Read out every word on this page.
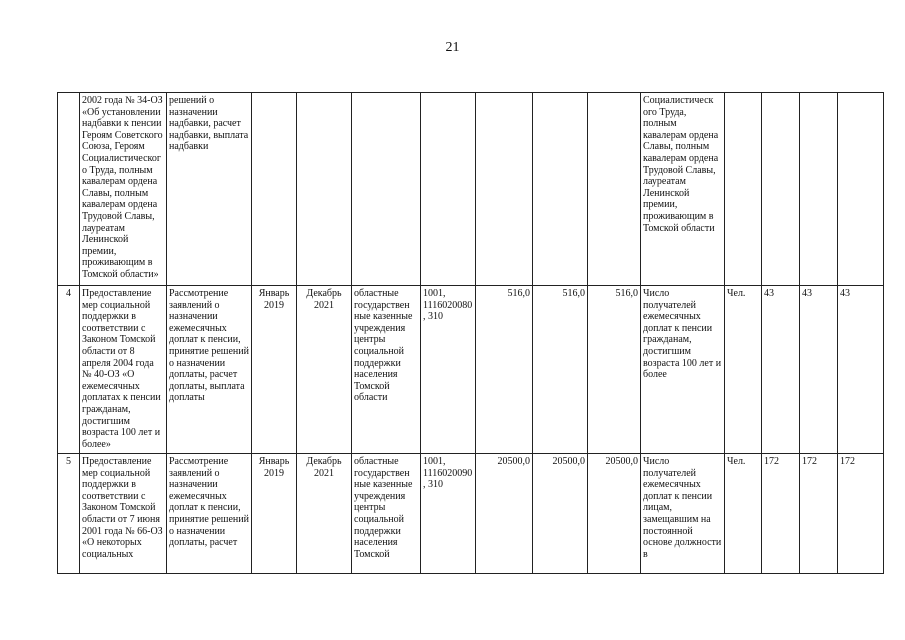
21
	2002 года № 34-ОЗ «Об установлении надбавки к пенсии Героям Советского Союза, Героям Социалистического Труда, полным кавалерам ордена Славы, полным кавалерам ордена Трудовой Славы, лауреатам Ленинской премии, проживающим в Томской области»	решений о назначении надбавки, расчет надбавки, выплата надбавки								Социалистическ ого Труда, полным кавалерам ордена Славы, полным кавалерам ордена Трудовой Славы, лауреатам Ленинской премии, проживающим в Томской области				
4	Предоставление мер социальной поддержки в соответствии с Законом Томской области от 8 апреля 2004 года № 40-ОЗ «О ежемесячных доплатах к пенсии гражданам, достигшим возраста 100 лет и более»	Рассмотрение заявлений о назначении ежемесячных доплат к пенсии, принятие решений о назначении доплаты, расчет доплаты, выплата доплаты	Январь 2019	Декабрь 2021	областные государствен ные казенные учреждения центры социальной поддержки населения Томской области	1001, 1116020080, 310	516,0	516,0	516,0	Число получателей ежемесячных доплат к пенсии гражданам, достигшим возраста 100 лет и более	Чел.	43	43	43
5	Предоставление мер социальной поддержки в соответствии с Законом Томской области от 7 июня 2001 года № 66-ОЗ «О некоторых социальных	Рассмотрение заявлений о назначении ежемесячных доплат к пенсии, принятие решений о назначении доплаты, расчет	Январь 2019	Декабрь 2021	областные государствен ные казенные учреждения центры социальной поддержки населения Томской	1001, 1116020090, 310	20500,0	20500,0	20500,0	Число получателей ежемесячных доплат к пенсии лицам, замещавшим на постоянной основе должности в	Чел.	172	172	172
